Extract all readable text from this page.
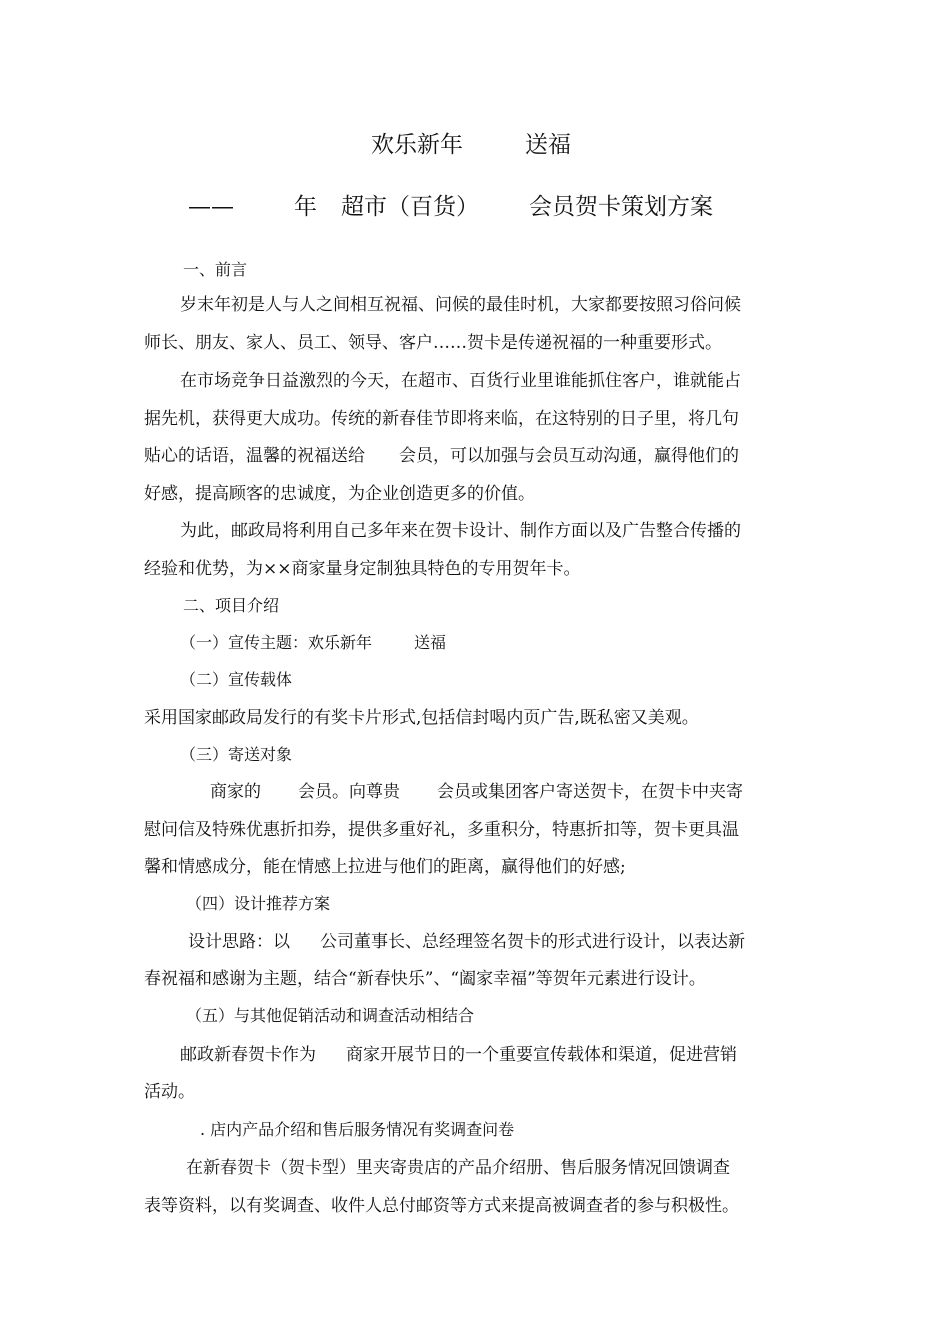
欢乐新年	送福
——	年 超市（百货） 会员贺卡策划方案
一、前言
岁末年初是人与人之间相互祝福、问候的最佳时机，大家都要按照习俗问候
师长、朋友、家人、员工、领导、客户……贺卡是传递祝福的一种重要形式。
在市场竞争日益激烈的今天，在超市、百货行业里谁能抓住客户，谁就能占
据先机，获得更大成功。传统的新春佳节即将来临，在这特别的日子里，将几句
贴心的话语，温馨的祝福送给 会员，可以加强与会员互动沟通，赢得他们的
好感，提高顾客的忠诚度，为企业创造更多的价值。
为此，邮政局将利用自己多年来在贺卡设计、制作方面以及广告整合传播的
经验和优势，为××商家量身定制独具特色的专用贺年卡。
二、项目介绍
（一）宣传主题：欢乐新年	送福
（二）宣传载体
采用国家邮政局发行的有奖卡片形式,包括信封喝内页广告,既私密又美观。
（三）寄送对象
商家的 会员。向尊贵 会员或集团客户寄送贺卡，在贺卡中夹寄
慰问信及特殊优惠折扣券，提供多重好礼，多重积分，特惠折扣等，贺卡更具温
馨和情感成分，能在情感上拉进与他们的距离，赢得他们的好感;
（四）设计推荐方案
设计思路：以 公司董事长、总经理签名贺卡的形式进行设计，以表达新
春祝福和感谢为主题，结合“新春快乐”、“阖家幸福”等贺年元素进行设计。
（五）与其他促销活动和调查活动相结合
邮政新春贺卡作为 商家开展节日的一个重要宣传载体和渠道，促进营销
活动。
. 店内产品介绍和售后服务情况有奖调查问卷
在新春贺卡（贺卡型）里夹寄贵店的产品介绍册、售后服务情况回馈调查
表等资料，以有奖调查、收件人总付邮资等方式来提高被调查者的参与积极性。
